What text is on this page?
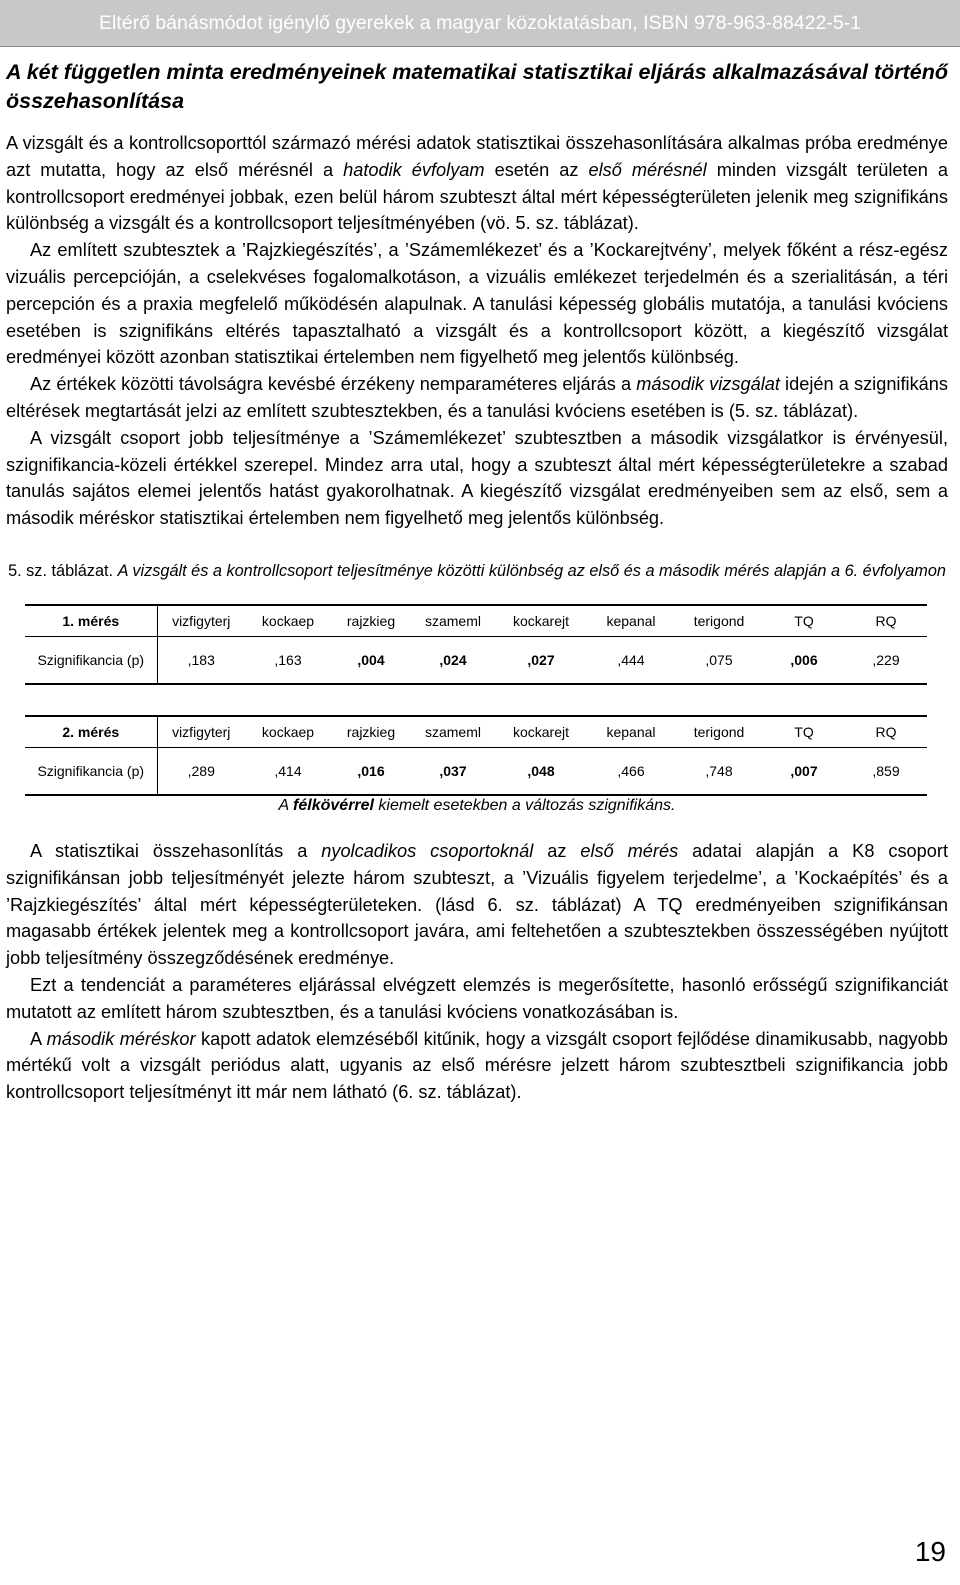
Eltérő bánásmódot igénylő gyerekek a magyar közoktatásban, ISBN 978-963-88422-5-1
A két független minta eredményeinek matematikai statisztikai eljárás alkalmazásával történő összehasonlítása

A vizsgált és a kontrollcsoporttól származó mérési adatok statisztikai összehasonlítására alkalmas próba eredménye azt mutatta, hogy az első mérésnél a hatodik évfolyam esetén az első mérésnél minden vizsgált területen a kontrollcsoport eredményei jobbak, ezen belül három szubteszt által mért képességterületen jelenik meg szignifikáns különbség a vizsgált és a kontrollcsoport teljesítményében (vö. 5. sz. táblázat).

Az említett szubtesztek a ’Rajzkiegészítés’, a ’Számemlékezet’ és a ’Kockarejtvény’, melyek főként a rész-egész vizuális percepcióján, a cselekvéses fogalomalkotáson, a vizuális emlékezet terjedelmén és a szerialitásán, a téri percepción és a praxia megfelelő működésén alapulnak. A tanulási képesség globális mutatója, a tanulási kvóciens esetében is szignifikáns eltérés tapasztalható a vizsgált és a kontrollcsoport között, a kiegészítő vizsgálat eredményei között azonban statisztikai értelemben nem figyelhető meg jelentős különbség.

Az értékek közötti távolságra kevésbé érzékeny nemparaméteres eljárás a második vizsgálat idején a szignifikáns eltérések megtartását jelzi az említett szubtesztekben, és a tanulási kvóciens esetében is (5. sz. táblázat).

A vizsgált csoport jobb teljesítménye a ’Számemlékezet’ szubtesztben a második vizsgálatkor is érvényesül, szignifikancia-közeli értékkel szerepel. Mindez arra utal, hogy a szubteszt által mért képességterületekre a szabad tanulás sajátos elemei jelentős hatást gyakorolhatnak. A kiegészítő vizsgálat eredményeiben sem az első, sem a második méréskor statisztikai értelemben nem figyelhető meg jelentős különbség.

5. sz. táblázat. A vizsgált és a kontrollcsoport teljesítménye közötti különbség az első és a második mérés alapján a 6. évfolyamon

1. mérés	vizfigyterj	kockaep	rajzkieg	szameml	kockarejt	kepanal	terigond	TQ	RQ
Szignifikancia (p)	,183	,163	,004	,024	,027	,444	,075	,006	,229
2. mérés	vizfigyterj	kockaep	rajzkieg	szameml	kockarejt	kepanal	terigond	TQ	RQ
Szignifikancia (p)	,289	,414	,016	,037	,048	,466	,748	,007	,859

A félkövérrel kiemelt esetekben a változás szignifikáns.

A statisztikai összehasonlítás a nyolcadikos csoportoknál az első mérés adatai alapján a K8 csoport szignifikánsan jobb teljesítményét jelezte három szubteszt, a ’Vizuális figyelem terjedelme’, a ’Kockaépítés’ és a ’Rajzkiegészítés’ által mért képességterületeken. (lásd 6. sz. táblázat) A TQ eredményeiben szignifikánsan magasabb értékek jelentek meg a kontrollcsoport javára, ami feltehetően a szubtesztekben összességében nyújtott jobb teljesítmény összegződésének eredménye.

Ezt a tendenciát a paraméteres eljárással elvégzett elemzés is megerősítette, hasonló erősségű szignifikanciát mutatott az említett három szubtesztben, és a tanulási kvóciens vonatkozásában is.

A második méréskor kapott adatok elemzéséből kitűnik, hogy a vizsgált csoport fejlődése dinamikusabb, nagyobb mértékű volt a vizsgált periódus alatt, ugyanis az első mérésre jelzett három szubtesztbeli szignifikancia jobb kontrollcsoport teljesítményt itt már nem látható (6. sz. táblázat).

19
